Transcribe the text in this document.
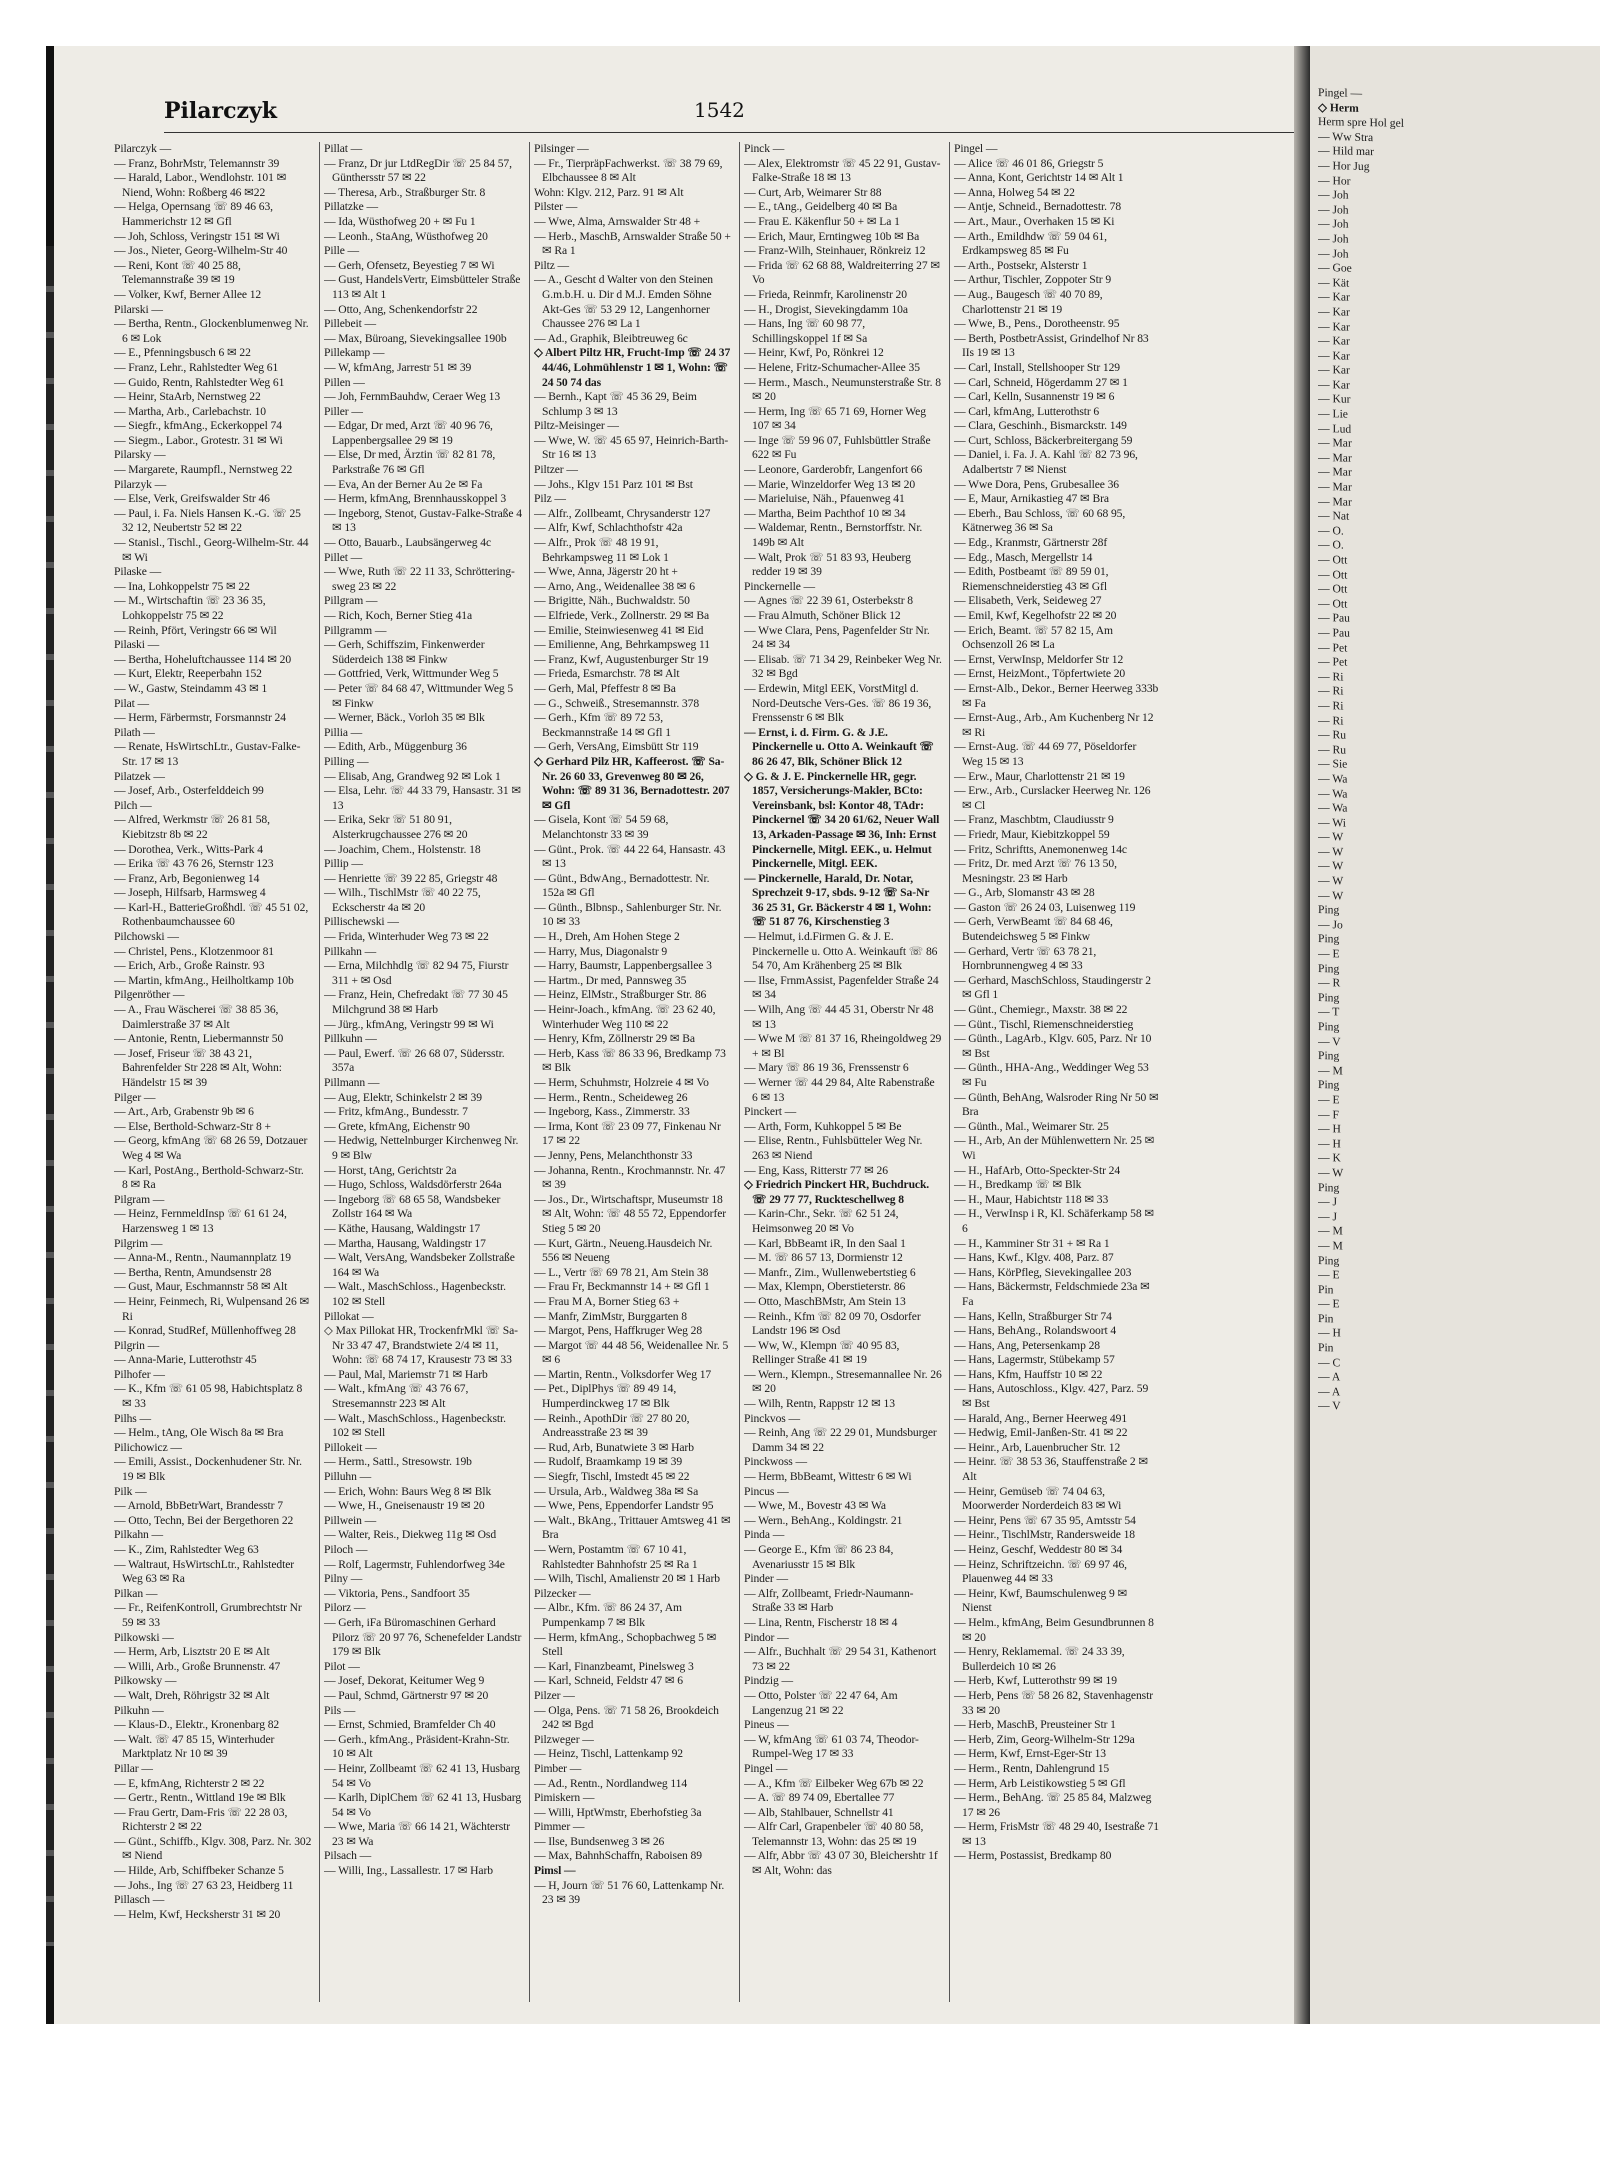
Pilarczyk	1542
Pilarczyk —
— Franz, BohrMstr, Telemannstr 39
— Harald, Labor., Wendlohstr. 101 ✉ Niend, Wohn: Roßberg 46 ✉22
— Helga, Opernsang ☏ 89 46 63, Hammerichstr 12 ✉ Gfl
— Joh, Schloss, Veringstr 151 ✉ Wi
— Jos., Nieter, Georg-Wilhelm-Str 40
— Reni, Kont ☏ 40 25 88, Telemannstraße 39 ✉ 19
— Volker, Kwf, Berner Allee 12
Pilarski —
— Bertha, Rentn., Glockenblumenweg Nr. 6 ✉ Lok
— E., Pfenningsbusch 6 ✉ 22
— Franz, Lehr., Rahlstedter Weg 61
— Guido, Rentn, Rahlstedter Weg 61
— Heinr, StaArb, Nernstweg 22
— Martha, Arb., Carlebachstr. 10
— Siegfr., kfmAng., Eckerkoppel 74
— Siegm., Labor., Grotestr. 31 ✉ Wi
Pilarsky —
— Margarete, Raumpfl., Nernstweg 22
Pilarzyk —
— Else, Verk, Greifswalder Str 46
— Paul, i. Fa. Niels Hansen K.-G. ☏ 25 32 12, Neubertstr 52 ✉ 22
— Stanisl., Tischl., Georg-Wilhelm-Str. 44 ✉ Wi
Pilaske —
— Ina, Lohkoppelstr 75 ✉ 22
— M., Wirtschaftin ☏ 23 36 35, Lohkoppelstr 75 ✉ 22
— Reinh, Pfört, Veringstr 66 ✉ Wil
Pilaski —
— Bertha, Hoheluftchaussee 114 ✉ 20
— Kurt, Elektr, Reeperbahn 152
— W., Gastw, Steindamm 43 ✉ 1
Pilat —
— Herm, Färbermstr, Forsmannstr 24
Pilath —
— Renate, HsWirtschLtr., Gustav-Falke-Str. 17 ✉ 13
Pilatzek —
— Josef, Arb., Osterfelddeich 99
Pilch —
— Alfred, Werkmstr ☏ 26 81 58, Kiebitzstr 8b ✉ 22
— Dorothea, Verk., Witts-Park 4
— Erika ☏ 43 76 26, Sternstr 123
— Franz, Arb, Begonienweg 14
— Joseph, Hilfsarb, Harmsweg 4
— Karl-H., BatterieGroßhdl. ☏ 45 51 02, Rothenbaumchaussee 60
Pilchowski —
— Christel, Pens., Klotzenmoor 81
— Erich, Arb., Große Rainstr. 93
— Martin, kfmAng., Heilholtkamp 10b
Pilgenröther —
— A., Frau Wäscherei ☏ 38 85 36, Daimlerstraße 37 ✉ Alt
— Antonie, Rentn, Liebermannstr 50
— Josef, Friseur ☏ 38 43 21, Bahrenfelder Str 228 ✉ Alt, Wohn: Händelstr 15 ✉ 39
Pilger —
— Art., Arb, Grabenstr 9b ✉ 6
— Else, Berthold-Schwarz-Str 8 +
— Georg, kfmAng ☏ 68 26 59, Dotzauer Weg 4 ✉ Wa
— Karl, PostAng., Berthold-Schwarz-Str. 8 ✉ Ra
Pilgram —
— Heinz, FernmeldInsp ☏ 61 61 24, Harzensweg 1 ✉ 13
Pilgrim —
— Anna-M., Rentn., Naumannplatz 19
— Bertha, Rentn, Amundsenstr 28
— Gust, Maur, Eschmannstr 58 ✉ Alt
— Heinr, Feinmech, Ri, Wulpensand 26 ✉ Ri
— Konrad, StudRef, Müllenhoffweg 28
Pilgrin —
— Anna-Marie, Lutterothstr 45
Pilhofer —
— K., Kfm ☏ 61 05 98, Habichtsplatz 8 ✉ 33
Pilhs —
— Helm., tAng, Ole Wisch 8a ✉ Bra
Pilichowicz —
— Emili, Assist., Dockenhudener Str. Nr. 19 ✉ Blk
Pilk —
— Arnold, BbBetrWart, Brandesstr 7
— Otto, Techn, Bei der Bergethoren 22
Pilkahn —
— K., Zim, Rahlstedter Weg 63
— Waltraut, HsWirtschLtr., Rahlstedter Weg 63 ✉ Ra
Pilkan —
— Fr., ReifenKontroll, Grumbrechtstr Nr 59 ✉ 33
Pilkowski —
— Herm, Arb, Lisztstr 20 E ✉ Alt
— Willi, Arb., Große Brunnenstr. 47
Pilkowsky —
— Walt, Dreh, Röhrigstr 32 ✉ Alt
Pilkuhn —
— Klaus-D., Elektr., Kronenbarg 82
— Walt. ☏ 47 85 15, Winterhuder Marktplatz Nr 10 ✉ 39
Pillar —
— E, kfmAng, Richterstr 2 ✉ 22
— Gertr., Rentn., Wittland 19e ✉ Blk
— Frau Gertr, Dam-Fris ☏ 22 28 03, Richterstr 2 ✉ 22
— Günt., Schiffb., Klgv. 308, Parz. Nr. 302 ✉ Niend
— Hilde, Arb, Schiffbeker Schanze 5
— Johs., Ing ☏ 27 63 23, Heidberg 11
Pillasch —
— Helm, Kwf, Hecksherstr 31 ✉ 20
Pillat —
— Franz, Dr jur LtdRegDir ☏ 25 84 57, Günthersstr 57 ✉ 22
— Theresa, Arb., Straßburger Str. 8
Pillatzke —
— Ida, Wüsthofweg 20 + ✉ Fu 1
— Leonh., StaAng, Wüsthofweg 20
Pille —
— Gerh, Ofensetz, Beyestieg 7 ✉ Wi
— Gust, HandelsVertr, Eimsbütteler Straße 113 ✉ Alt 1
— Otto, Ang, Schenkendorfstr 22
Pillebeit —
— Max, Büroang, Sievekingsallee 190b
Pillekamp —
— W, kfmAng, Jarrestr 51 ✉ 39
Pillen —
— Joh, FernmBauhdw, Ceraer Weg 13
Piller —
— Edgar, Dr med, Arzt ☏ 40 96 76, Lappenbergsallee 29 ✉ 19
— Else, Dr med, Ärztin ☏ 82 81 78, Parkstraße 76 ✉ Gfl
— Eva, An der Berner Au 2e ✉ Fa
— Herm, kfmAng, Brennhausskoppel 3
— Ingeborg, Stenot, Gustav-Falke-Straße 4 ✉ 13
— Otto, Bauarb., Laubsängerweg 4c
Pillet —
— Wwe, Ruth ☏ 22 11 33, Schrötteringsweg 23 ✉ 22
Pillgram —
— Rich, Koch, Berner Stieg 41a
Pillgramm —
— Gerh, Schiffszim, Finkenwerder Süderdeich 138 ✉ Finkw
— Gottfried, Verk, Wittmunder Weg 5
— Peter ☏ 84 68 47, Wittmunder Weg 5 ✉ Finkw
— Werner, Bäck., Vorloh 35 ✉ Blk
Pillia —
— Edith, Arb., Müggenburg 36
Pilling —
— Elisab, Ang, Grandweg 92 ✉ Lok 1
— Elsa, Lehr. ☏ 44 33 79, Hansastr. 31 ✉ 13
— Erika, Sekr ☏ 51 80 91, Alsterkrugchaussee 276 ✉ 20
— Joachim, Chem., Holstenstr. 18
Pillip —
— Henriette ☏ 39 22 85, Griegstr 48
— Wilh., TischlMstr ☏ 40 22 75, Eckscherstr 4a ✉ 20
Pillischewski —
— Frida, Winterhuder Weg 73 ✉ 22
Pillkahn —
— Erna, Milchhdlg ☏ 82 94 75, Fiurstr 311 + ✉ Osd
— Franz, Hein, Chefredakt ☏ 77 30 45 Milchgrund 38 ✉ Harb
— Jürg., kfmAng, Veringstr 99 ✉ Wi
Pillkuhn —
— Paul, Ewerf. ☏ 26 68 07, Südersstr. 357a
Pillmann —
— Aug, Elektr, Schinkelstr 2 ✉ 39
— Fritz, kfmAng., Bundesstr. 7
— Grete, kfmAng, Eichenstr 90
— Hedwig, Nettelnburger Kirchenweg Nr. 9 ✉ Blw
— Horst, tAng, Gerichtstr 2a
— Hugo, Schloss, Waldsdörferstr 264a
— Ingeborg ☏ 68 65 58, Wandsbeker Zollstr 164 ✉ Wa
— Käthe, Hausang, Waldingstr 17
— Martha, Hausang, Waldingstr 17
— Walt, VersAng, Wandsbeker Zollstraße 164 ✉ Wa
— Walt., MaschSchloss., Hagenbeckstr. 102 ✉ Stell
Pillokat —
◇ Max Pillokat HR, TrockenfrMkl ☏ Sa-Nr 33 47 47, Brandstwiete 2/4 ✉ 11, Wohn: ☏ 68 74 17, Krausestr 73 ✉ 33
— Paul, Mal, Mariemstr 71 ✉ Harb
— Walt., kfmAng ☏ 43 76 67, Stresemannstr 223 ✉ Alt
— Walt., MaschSchloss., Hagenbeckstr. 102 ✉ Stell
Pillokeit —
— Herm., Sattl., Stresowstr. 19b
Pilluhn —
— Erich, Wohn: Baurs Weg 8 ✉ Blk
— Wwe, H., Gneisenaustr 19 ✉ 20
Pillwein —
— Walter, Reis., Diekweg 11g ✉ Osd
Piloch —
— Rolf, Lagermstr, Fuhlendorfweg 34e
Pilny —
— Viktoria, Pens., Sandfoort 35
Pilorz —
— Gerh, iFa Büromaschinen Gerhard Pilorz ☏ 20 97 76, Schenefelder Landstr 179 ✉ Blk
Pilot —
— Josef, Dekorat, Keitumer Weg 9
— Paul, Schmd, Gärtnerstr 97 ✉ 20
Pils —
— Ernst, Schmied, Bramfelder Ch 40
— Gerh., kfmAng., Präsident-Krahn-Str. 10 ✉ Alt
— Heinr, Zollbeamt ☏ 62 41 13, Husbarg 54 ✉ Vo
— Karlh, DiplChem ☏ 62 41 13, Husbarg 54 ✉ Vo
— Wwe, Maria ☏ 66 14 21, Wächterstr 23 ✉ Wa
Pilsach —
— Willi, Ing., Lassallestr. 17 ✉ Harb
Pilsinger —
— Fr., TierpräpFachwerkst. ☏ 38 79 69, Elbchaussee 8 ✉ Alt
Wohn: Klgv. 212, Parz. 91 ✉ Alt
Pilster —
— Wwe, Alma, Arnswalder Str 48 +
— Herb., MaschB, Arnswalder Straße 50 + ✉ Ra 1
Piltz —
— A., Gescht d Walter von den Steinen G.m.b.H. u. Dir d M.J. Emden Söhne Akt-Ges ☏ 53 29 12, Langenhorner Chaussee 276 ✉ La 1
— Ad., Graphik, Bleibtreuweg 6c
◇ Albert Piltz HR, Frucht-Imp ☏ 24 37 44/46, Lohmühlenstr 1 ✉ 1, Wohn: ☏ 24 50 74 das
— Bernh., Kapt ☏ 45 36 29, Beim Schlump 3 ✉ 13
Piltz-Meisinger —
— Wwe, W. ☏ 45 65 97, Heinrich-Barth-Str 16 ✉ 13
Piltzer —
— Johs., Klgv 151 Parz 101 ✉ Bst
Pilz —
— Alfr., Zollbeamt, Chrysanderstr 127
— Alfr, Kwf, Schlachthofstr 42a
— Alfr., Prok ☏ 48 19 91, Behrkampsweg 11 ✉ Lok 1
— Wwe, Anna, Jägerstr 20 ht +
— Arno, Ang., Weidenallee 38 ✉ 6
— Brigitte, Näh., Buchwaldstr. 50
— Elfriede, Verk., Zollnerstr. 29 ✉ Ba
— Emilie, Steinwiesenweg 41 ✉ Eid
— Emilienne, Ang, Behrkampsweg 11
— Franz, Kwf, Augustenburger Str 19
— Frieda, Esmarchstr. 78 ✉ Alt
— Gerh, Mal, Pfeffestr 8 ✉ Ba
— G., Schweiß., Stresemannstr. 378
— Gerh., Kfm ☏ 89 72 53, Beckmannstraße 14 ✉ Gfl 1
— Gerh, VersAng, Eimsbütt Str 119
◇ Gerhard Pilz HR, Kaffeerost. ☏ Sa-Nr. 26 60 33, Grevenweg 80 ✉ 26, Wohn: ☏ 89 31 36, Bernadottestr. 207 ✉ Gfl
— Gisela, Kont ☏ 54 59 68, Melanchtonstr 33 ✉ 39
— Günt., Prok. ☏ 44 22 64, Hansastr. 43 ✉ 13
— Günt., BdwAng., Bernadottestr. Nr. 152a ✉ Gfl
— Günth., Blbnsp., Sahlenburger Str. Nr. 10 ✉ 33
— H., Dreh, Am Hohen Stege 2
— Harry, Mus, Diagonalstr 9
— Harry, Baumstr, Lappenbergsallee 3
— Hartm., Dr med, Pannsweg 35
— Heinz, ElMstr., Straßburger Str. 86
— Heinr-Joach., kfmAng. ☏ 23 62 40, Winterhuder Weg 110 ✉ 22
— Henry, Kfm, Zöllnerstr 29 ✉ Ba
— Herb, Kass ☏ 86 33 96, Bredkamp 73 ✉ Blk
— Herm, Schuhmstr, Holzreie 4 ✉ Vo
— Herm., Rentn., Scheideweg 26
— Ingeborg, Kass., Zimmerstr. 33
— Irma, Kont ☏ 23 09 77, Finkenau Nr 17 ✉ 22
— Jenny, Pens, Melanchthonstr 33
— Johanna, Rentn., Krochmannstr. Nr. 47 ✉ 39
— Jos., Dr., Wirtschaftspr, Museumstr 18 ✉ Alt, Wohn: ☏ 48 55 72, Eppendorfer Stieg 5 ✉ 20
— Kurt, Gärtn., Neueng.Hausdeich Nr. 556 ✉ Neueng
— L., Vertr ☏ 69 78 21, Am Stein 38
— Frau Fr, Beckmannstr 14 + ✉ Gfl 1
— Frau M A, Borner Stieg 63 +
— Manfr, ZimMstr, Burggarten 8
— Margot, Pens, Haffkruger Weg 28
— Margot ☏ 44 48 56, Weidenallee Nr. 5 ✉ 6
— Martin, Rentn., Volksdorfer Weg 17
— Pet., DiplPhys ☏ 89 49 14, Humperdinckweg 17 ✉ Blk
— Reinh., ApothDir ☏ 27 80 20, Andreasstraße 23 ✉ 39
— Rud, Arb, Bunatwiete 3 ✉ Harb
— Rudolf, Braamkamp 19 ✉ 39
— Siegfr, Tischl, Imstedt 45 ✉ 22
— Ursula, Arb., Waldweg 38a ✉ Sa
— Wwe, Pens, Eppendorfer Landstr 95
— Walt., BkAng., Trittauer Amtsweg 41 ✉ Bra
— Wern, Postamtm ☏ 67 10 41, Rahlstedter Bahnhofstr 25 ✉ Ra 1
— Wilh, Tischl, Amalienstr 20 ✉ 1 Harb
Pilzecker —
— Albr., Kfm. ☏ 86 24 37, Am Pumpenkamp 7 ✉ Blk
— Herm, kfmAng., Schopbachweg 5 ✉ Stell
— Karl, Finanzbeamt, Pinelsweg 3
— Karl, Schneid, Feldstr 47 ✉ 6
Pilzer —
— Olga, Pens. ☏ 71 58 26, Brookdeich 242 ✉ Bgd
Pilzweger —
— Heinz, Tischl, Lattenkamp 92
Pimber —
— Ad., Rentn., Nordlandweg 114
Pimiskern —
— Willi, HptWmstr, Eberhofstieg 3a
Pimmer —
— Ilse, Bundsenweg 3 ✉ 26
— Max, BahnhSchaffn, Raboisen 89
Pimsl —
— H, Journ ☏ 51 76 60, Lattenkamp Nr. 23 ✉ 39
Pinck —
— Alex, Elektromstr ☏ 45 22 91, Gustav-Falke-Straße 18 ✉ 13
— Curt, Arb, Weimarer Str 88
— E., tAng., Geidelberg 40 ✉ Ba
— Frau E. Käkenflur 50 + ✉ La 1
— Erich, Maur, Erntingweg 10b ✉ Ba
— Franz-Wilh, Steinhauer, Rönkreiz 12
— Frida ☏ 62 68 88, Waldreiterring 27 ✉ Vo
— Frieda, Reinmfr, Karolinenstr 20
— H., Drogist, Sievekingdamm 10a
— Hans, Ing ☏ 60 98 77, Schillingskoppel 1f ✉ Sa
— Heinr, Kwf, Po, Rönkrei 12
— Helene, Fritz-Schumacher-Allee 35
— Herm., Masch., Neumunsterstraße Str. 8 ✉ 20
— Herm, Ing ☏ 65 71 69, Horner Weg 107 ✉ 34
— Inge ☏ 59 96 07, Fuhlsbüttler Straße 622 ✉ Fu
— Leonore, Garderobfr, Langenfort 66
— Marie, Winzeldorfer Weg 13 ✉ 20
— Marieluise, Näh., Pfauenweg 41
— Martha, Beim Pachthof 10 ✉ 34
— Waldemar, Rentn., Bernstorffstr. Nr. 149b ✉ Alt
— Walt, Prok ☏ 51 83 93, Heuberg redder 19 ✉ 39
Pinckernelle —
— Agnes ☏ 22 39 61, Osterbekstr 8
— Frau Almuth, Schöner Blick 12
— Wwe Clara, Pens, Pagenfelder Str Nr. 24 ✉ 34
— Elisab. ☏ 71 34 29, Reinbeker Weg Nr. 32 ✉ Bgd
— Erdewin, Mitgl EEK, VorstMitgl d. Nord-Deutsche Vers-Ges. ☏ 86 19 36, Frenssenstr 6 ✉ Blk
— Ernst, i. d. Firm. G. & J.E. Pinckernelle u. Otto A. Weinkauft ☏ 86 26 47, Blk, Schöner Blick 12
◇ G. & J. E. Pinckernelle HR, gegr. 1857, Versicherungs-Makler, BCto: Vereinsbank, bsl: Kontor 48, TAdr: Pinckernel ☏ 34 20 61/62, Neuer Wall 13, Arkaden-Passage ✉ 36, Inh: Ernst Pinckernelle, Mitgl. EEK., u. Helmut Pinckernelle, Mitgl. EEK.
— Pinckernelle, Harald, Dr. Notar, Sprechzeit 9-17, sbds. 9-12 ☏ Sa-Nr 36 25 31, Gr. Bäckerstr 4 ✉ 1, Wohn: ☏ 51 87 76, Kirschenstieg 3
— Helmut, i.d.Firmen G. & J. E. Pinckernelle u. Otto A. Weinkauft ☏ 86 54 70, Am Krähenberg 25 ✉ Blk
— Ilse, FrnmAssist, Pagenfelder Straße 24 ✉ 34
— Wilh, Ang ☏ 44 45 31, Oberstr Nr 48 ✉ 13
— Wwe M ☏ 81 37 16, Rheingoldweg 29 + ✉ Bl
— Mary ☏ 86 19 36, Frenssenstr 6
— Werner ☏ 44 29 84, Alte Rabenstraße 6 ✉ 13
Pinckert —
— Arth, Form, Kuhkoppel 5 ✉ Be
— Elise, Rentn., Fuhlsbütteler Weg Nr. 263 ✉ Niend
— Eng, Kass, Ritterstr 77 ✉ 26
◇ Friedrich Pinckert HR, Buchdruck. ☏ 29 77 77, Ruckteschellweg 8
— Karin-Chr., Sekr. ☏ 62 51 24, Heimsonweg 20 ✉ Vo
— Karl, BbBeamt iR, In den Saal 1
— M. ☏ 86 57 13, Dormienstr 12
— Manfr., Zim., Wullenwebertstieg 6
— Max, Klempn, Oberstieterstr. 86
— Otto, MaschBMstr, Am Stein 13
— Reinh., Kfm ☏ 82 09 70, Osdorfer Landstr 196 ✉ Osd
— Ww, W., Klempn ☏ 40 95 83, Rellinger Straße 41 ✉ 19
— Wern., Klempn., Stresemannallee Nr. 26 ✉ 20
— Wilh, Rentn, Rappstr 12 ✉ 13
Pinckvos —
— Reinh, Ang ☏ 22 29 01, Mundsburger Damm 34 ✉ 22
Pinckwoss —
— Herm, BbBeamt, Wittestr 6 ✉ Wi
Pincus —
— Wwe, M., Bovestr 43 ✉ Wa
— Wern., BehAng., Koldingstr. 21
Pinda —
— George E., Kfm ☏ 86 23 84, Avenariusstr 15 ✉ Blk
Pinder —
— Alfr, Zollbeamt, Friedr-Naumann-Straße 33 ✉ Harb
— Lina, Rentn, Fischerstr 18 ✉ 4
Pindor —
— Alfr., Buchhalt ☏ 29 54 31, Kathenort 73 ✉ 22
Pindzig —
— Otto, Polster ☏ 22 47 64, Am Langenzug 21 ✉ 22
Pineus —
— W, kfmAng ☏ 61 03 74, Theodor-Rumpel-Weg 17 ✉ 33
Pingel —
— A., Kfm ☏ Eilbeker Weg 67b ✉ 22
— A. ☏ 89 74 09, Ebertallee 77
— Alb, Stahlbauer, Schnellstr 41
— Alfr Carl, Grapenbeler ☏ 40 80 58, Telemannstr 13, Wohn: das 25 ✉ 19
— Alfr, Abbr ☏ 43 07 30, Bleichershtr 1f ✉ Alt, Wohn: das
Pingel —
— Alice ☏ 46 01 86, Griegstr 5
— Anna, Kont, Gerichtstr 14 ✉ Alt 1
— Anna, Holweg 54 ✉ 22
— Antje, Schneid., Bernadottestr. 78
— Art., Maur., Overhaken 15 ✉ Ki
— Arth., Emildhdw ☏ 59 04 61, Erdkampsweg 85 ✉ Fu
— Arth., Postsekr, Alsterstr 1
— Arthur, Tischler, Zoppoter Str 9
— Aug., Baugesch ☏ 40 70 89, Charlottenstr 21 ✉ 19
— Wwe, B., Pens., Dorotheenstr. 95
— Berth, PostbetrAssist, Grindelhof Nr 83 IIs 19 ✉ 13
— Carl, Install, Stellshooper Str 129
— Carl, Schneid, Högerdamm 27 ✉ 1
— Carl, Kelln, Susannenstr 19 ✉ 6
— Carl, kfmAng, Lutterothstr 6
— Clara, Geschinh., Bismarckstr. 149
— Curt, Schloss, Bäckerbreitergang 59
— Daniel, i. Fa. J. A. Kahl ☏ 82 73 96, Adalbertstr 7 ✉ Nienst
— Wwe Dora, Pens, Grubesallee 36
— E, Maur, Arnikastieg 47 ✉ Bra
— Eberh., Bau Schloss, ☏ 60 68 95, Kätnerweg 36 ✉ Sa
— Edg., Kranmstr, Gärtnerstr 28f
— Edg., Masch, Mergellstr 14
— Edith, Postbeamt ☏ 89 59 01, Riemenschneiderstieg 43 ✉ Gfl
— Elisabeth, Verk, Seideweg 27
— Emil, Kwf, Kegelhofstr 22 ✉ 20
— Erich, Beamt. ☏ 57 82 15, Am Ochsenzoll 26 ✉ La
— Ernst, VerwInsp, Meldorfer Str 12
— Ernst, HeizMont., Töpfertwiete 20
— Ernst-Alb., Dekor., Berner Heerweg 333b ✉ Fa
— Ernst-Aug., Arb., Am Kuchenberg Nr 12 ✉ Ri
— Ernst-Aug. ☏ 44 69 77, Pöseldorfer Weg 15 ✉ 13
— Erw., Maur, Charlottenstr 21 ✉ 19
— Erw., Arb., Curslacker Heerweg Nr. 126 ✉ Cl
— Franz, Maschbtm, Claudiusstr 9
— Friedr, Maur, Kiebitzkoppel 59
— Fritz, Schriftts, Anemonenweg 14c
— Fritz, Dr. med Arzt ☏ 76 13 50, Mesningstr. 23 ✉ Harb
— G., Arb, Slomanstr 43 ✉ 28
— Gaston ☏ 26 24 03, Luisenweg 119
— Gerh, VerwBeamt ☏ 84 68 46, Butendeichsweg 5 ✉ Finkw
— Gerhard, Vertr ☏ 63 78 21, Hornbrunnengweg 4 ✉ 33
— Gerhard, MaschSchloss, Staudingerstr 2 ✉ Gfl 1
— Günt., Chemiegr., Maxstr. 38 ✉ 22
— Günt., Tischl, Riemenschneiderstieg
— Günth., LagArb., Klgv. 605, Parz. Nr 10 ✉ Bst
— Günth., HHA-Ang., Weddinger Weg 53 ✉ Fu
— Günth, BehAng, Walsroder Ring Nr 50 ✉ Bra
— Günth., Mal., Weimarer Str. 25
— H., Arb, An der Mühlenwettern Nr. 25 ✉ Wi
— H., HafArb, Otto-Speckter-Str 24
— H., Bredkamp ☏ ✉ Blk
— H., Maur, Habichtstr 118 ✉ 33
— H., VerwInsp i R, Kl. Schäferkamp 58 ✉ 6
— H., Kamminer Str 31 + ✉ Ra 1
— Hans, Kwf., Klgv. 408, Parz. 87
— Hans, KörPfleg, Sievekingallee 203
— Hans, Bäckermstr, Feldschmiede 23a ✉ Fa
— Hans, Kelln, Straßburger Str 74
— Hans, BehAng., Rolandswoort 4
— Hans, Ang, Petersenkamp 28
— Hans, Lagermstr, Stübekamp 57
— Hans, Kfm, Hauffstr 10 ✉ 22
— Hans, Autoschloss., Klgv. 427, Parz. 59 ✉ Bst
— Harald, Ang., Berner Heerweg 491
— Hedwig, Emil-Janßen-Str. 41 ✉ 22
— Heinr., Arb, Lauenbrucher Str. 12
— Heinr. ☏ 38 53 36, Stauffenstraße 2 ✉ Alt
— Heinr, Gemüseb ☏ 74 04 63, Moorwerder Norderdeich 83 ✉ Wi
— Heinr, Pens ☏ 67 35 95, Amtsstr 54
— Heinr., TischlMstr, Randersweide 18
— Heinz, Geschf, Weddestr 80 ✉ 34
— Heinz, Schriftzeichn. ☏ 69 97 46, Plauenweg 44 ✉ 33
— Heinr, Kwf, Baumschulenweg 9 ✉ Nienst
— Helm., kfmAng, Beim Gesundbrunnen 8 ✉ 20
— Henry, Reklamemal. ☏ 24 33 39, Bullerdeich 10 ✉ 26
— Herb, Kwf, Lutterothstr 99 ✉ 19
— Herb, Pens ☏ 58 26 82, Stavenhagenstr 33 ✉ 20
— Herb, MaschB, Preusteiner Str 1
— Herb, Zim, Georg-Wilhelm-Str 129a
— Herm, Kwf, Ernst-Eger-Str 13
— Herm., Rentn, Dahlengrund 15
— Herm, Arb Leistikowstieg 5 ✉ Gfl
— Herm., BehAng. ☏ 25 85 84, Malzweg 17 ✉ 26
— Herm, FrisMstr ☏ 48 29 40, Isestraße 71 ✉ 13
— Herm, Postassist, Bredkamp 80
Pingel —
◇ Herm
Herm spre Hol gel
— Ww Stra
— Hild mar
— Hor Jug
— Hor
— Joh
— Joh
— Joh
— Joh
— Joh
— Goe
— Kät
— Kar
— Kar
— Kar
— Kar
— Kar
— Kar
— Kar
— Kur
— Lie
— Lud
— Mar
— Mar
— Mar
— Mar
— Mar
— Nat
— O.
— O.
— Ott
— Ott
— Ott
— Ott
— Pau
— Pau
— Pet
— Pet
— Ri
— Ri
— Ri
— Ri
— Ru
— Ru
— Sie
— Wa
— Wa
— Wa
— Wi
— W
— W
— W
— W
— W
Ping
— Jo
Ping
— E
Ping
— R
Ping
— T
Ping
— V
Ping
— M
Ping
— E
— F
— H
— H
— K
— W
Ping
— J
— J
— M
— M
Ping
— E
Pin
— E
Pin
— H
Pin
— C
— A
— A
— V
